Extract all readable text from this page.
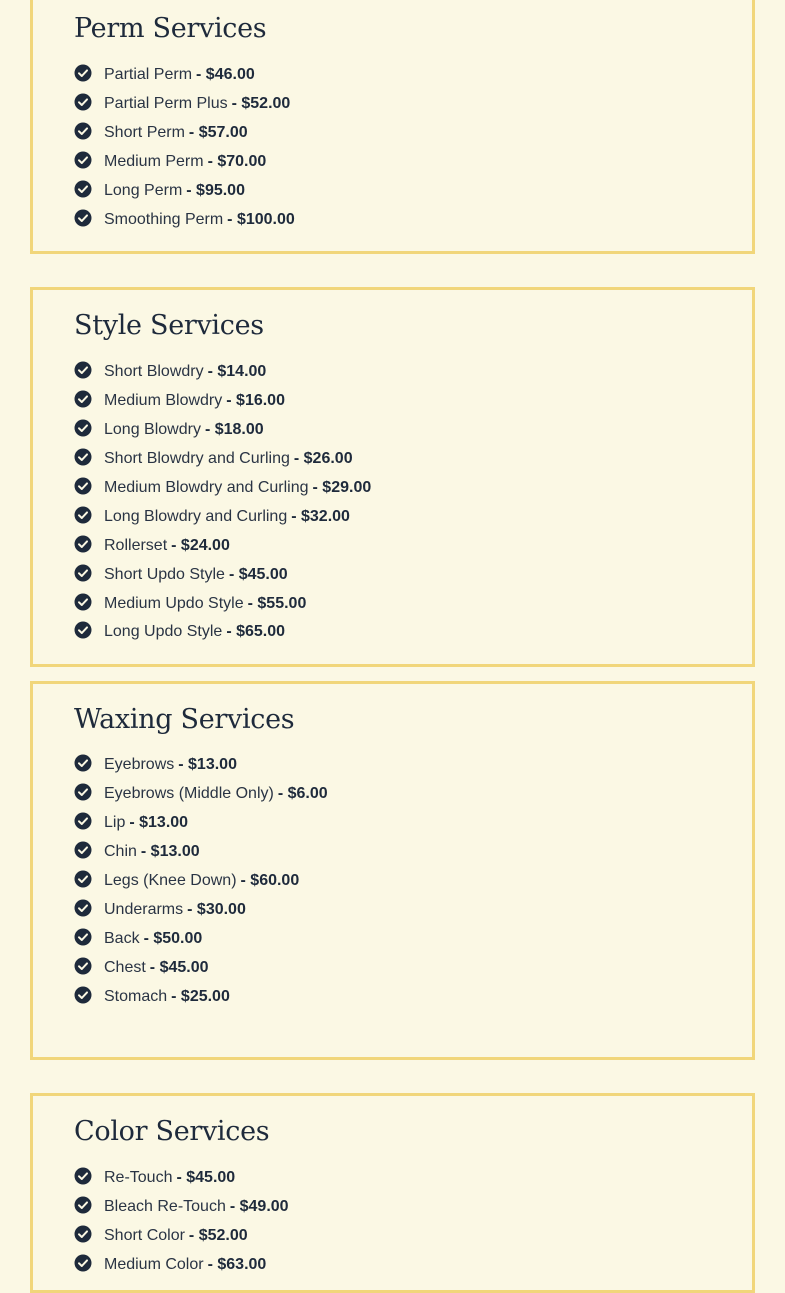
Perm Services
Partial Perm - $46.00
Partial Perm Plus - $52.00
Short Perm - $57.00
Medium Perm - $70.00
Long Perm - $95.00
Smoothing Perm - $100.00
Style Services
Short Blowdry - $14.00
Medium Blowdry - $16.00
Long Blowdry - $18.00
Short Blowdry and Curling - $26.00
Medium Blowdry and Curling - $29.00
Long Blowdry and Curling - $32.00
Rollerset - $24.00
Short Updo Style - $45.00
Medium Updo Style - $55.00
Long Updo Style - $65.00
Waxing Services
Eyebrows - $13.00
Eyebrows (Middle Only) - $6.00
Lip - $13.00
Chin - $13.00
Legs (Knee Down) - $60.00
Underarms - $30.00
Back - $50.00
Chest - $45.00
Stomach - $25.00
Color Services
Re-Touch - $45.00
Bleach Re-Touch - $49.00
Short Color - $52.00
Medium Color - $63.00
